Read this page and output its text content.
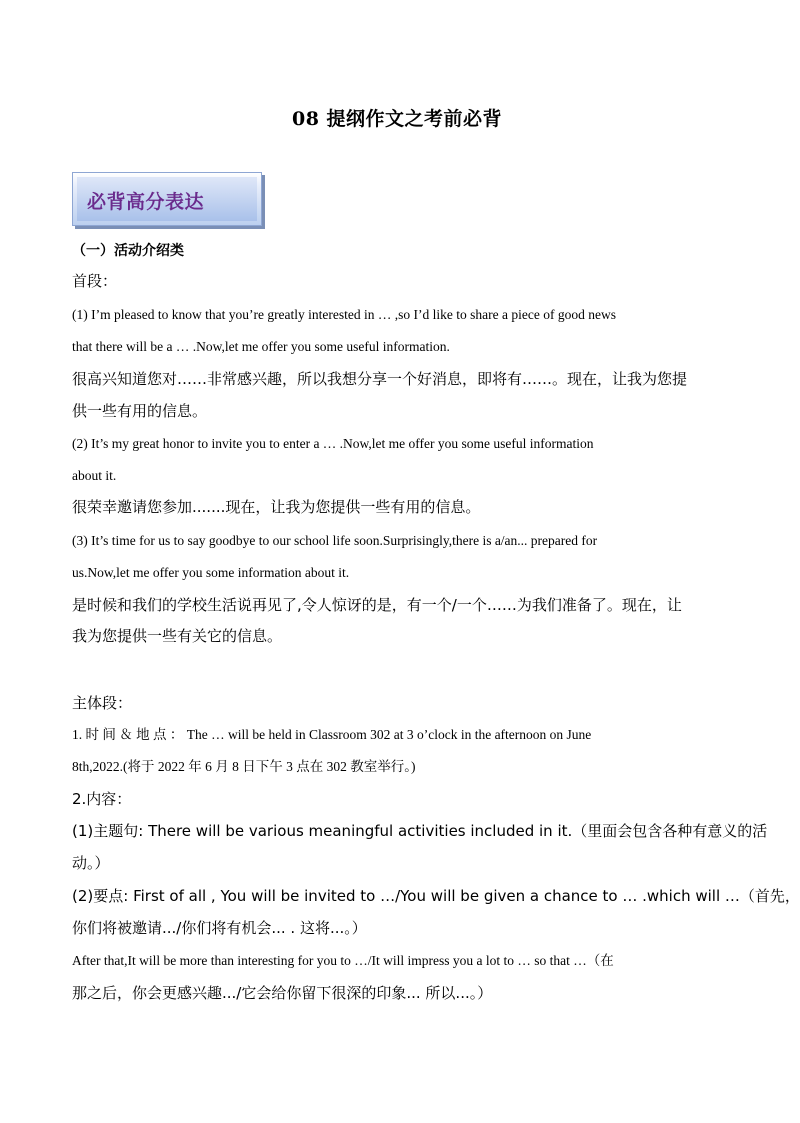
08 提纲作文之考前必背
必背高分表达
（一）活动介绍类
首段：
(1) I’m pleased to know that you’re greatly interested in … ,so I’d like to share a piece of good news
that there will be a … .Now,let me offer you some useful information.
很高兴知道您对……非常感兴趣，所以我想分享一个好消息，即将有……。现在，让我为您提
供一些有用的信息。
(2) It’s my great honor to invite you to enter a … .Now,let me offer you some useful information
about it.
很荣幸邀请您参加.......现在，让我为您提供一些有用的信息。
(3) It’s time for us to say goodbye to our school life soon.Surprisingly,there is a/an... prepared for
us.Now,let me offer you some information about it.
是时候和我们的学校生活说再见了,令人惊讶的是，有一个/一个……为我们准备了。现在，让
我为您提供一些有关它的信息。
主体段：
1. 时 间 ＆ 地 点 ： The … will be held in Classroom 302 at 3 o’clock in the afternoon on June
8th,2022.(将于 2022 年 6 月 8 日下午 3 点在 302 教室举行。)
2.内容：
(1)主题句: There will be various meaningful activities included in it.（里面会包含各种有意义的活
动。）
(2)要点: First of all , You will be invited to …/You will be given a chance to … .which will …（首先，
你们将被邀请.../你们将有机会... . 这将...。）
After that,It will be more than interesting for you to …/It will impress you a lot to … so that …（在
那之后，你会更感兴趣.../它会给你留下很深的印象... 所以...。）
